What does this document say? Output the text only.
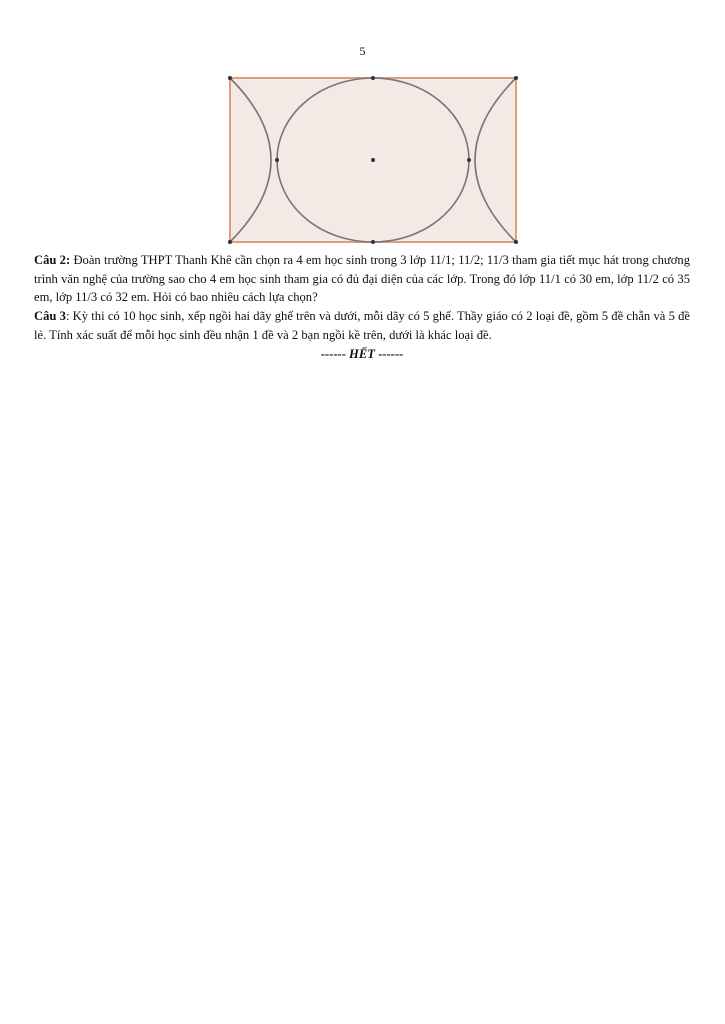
5

Câu 2: Đoàn trường THPT Thanh Khê cần chọn ra 4 em học sinh trong 3 lớp 11/1; 11/2; 11/3 tham gia tiết mục hát trong chương trình văn nghệ của trường sao cho 4 em học sinh tham gia có đủ đại diện của các lớp. Trong đó lớp 11/1 có 30 em, lớp 11/2 có 35 em, lớp 11/3 có 32 em. Hỏi có bao nhiêu cách lựa chọn?

Câu 3: Kỳ thi có 10 học sinh, xếp ngồi hai dãy ghế trên và dưới, mỗi dãy có 5 ghế. Thầy giáo có 2 loại đề, gồm 5 đề chẵn và 5 đề lẻ. Tính xác suất để mỗi học sinh đều nhận 1 đề và 2 bạn ngồi kề trên, dưới là khác loại đề.

------ HẾT ------
